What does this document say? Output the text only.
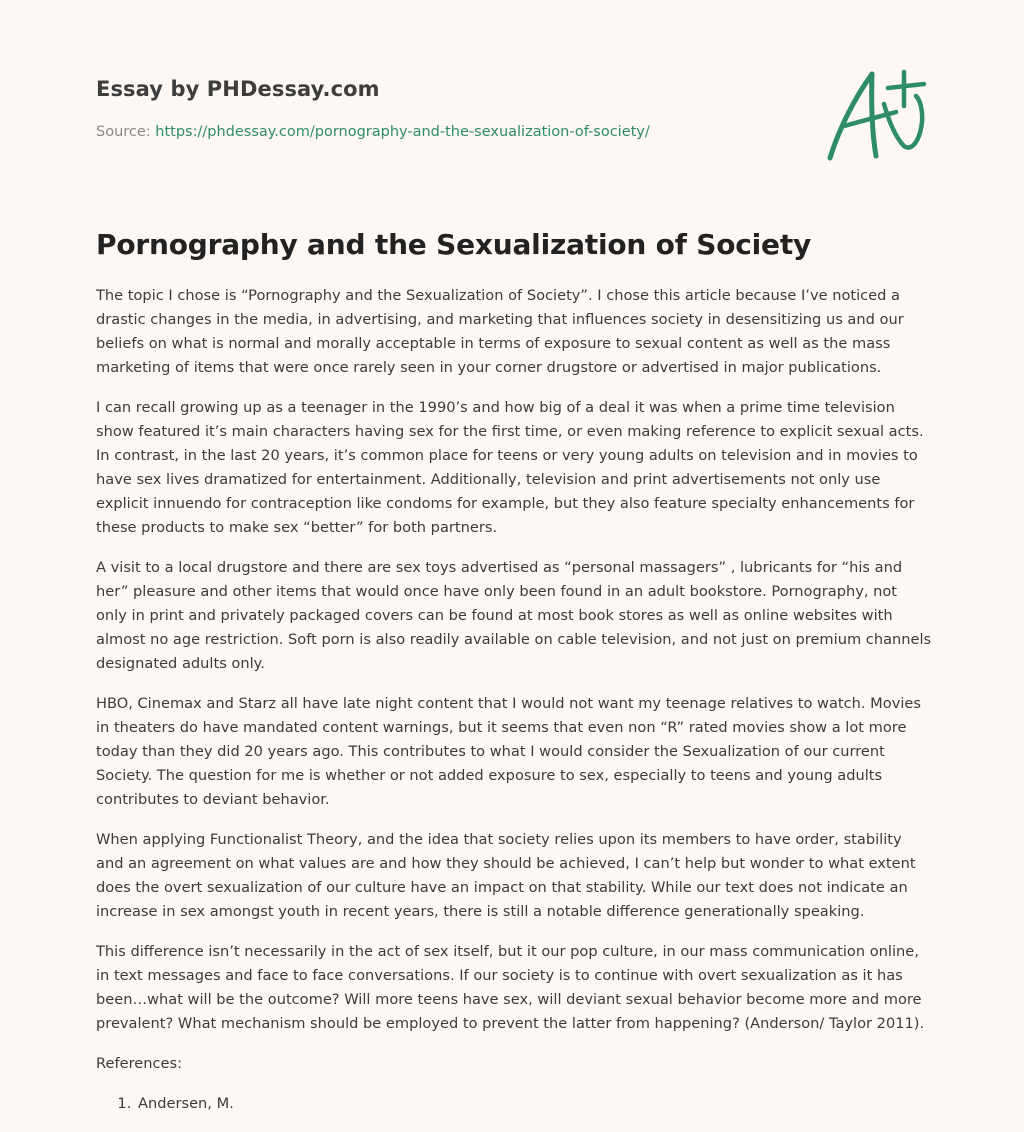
Essay by PHDessay.com
Source: https://phdessay.com/pornography-and-the-sexualization-of-society/
Pornography and the Sexualization of Society

The topic I chose is “Pornography and the Sexualization of Society”. I chose this article because I’ve noticed a drastic changes in the media, in advertising, and marketing that influences society in desensitizing us and our beliefs on what is normal and morally acceptable in terms of exposure to sexual content as well as the mass marketing of items that were once rarely seen in your corner drugstore or advertised in major publications.

I can recall growing up as a teenager in the 1990’s and how big of a deal it was when a prime time television show featured it’s main characters having sex for the first time, or even making reference to explicit sexual acts. In contrast, in the last 20 years, it’s common place for teens or very young adults on television and in movies to have sex lives dramatized for entertainment. Additionally, television and print advertisements not only use explicit innuendo for contraception like condoms for example, but they also feature specialty enhancements for these products to make sex “better” for both partners.

A visit to a local drugstore and there are sex toys advertised as “personal massagers” , lubricants for “his and her” pleasure and other items that would once have only been found in an adult bookstore. Pornography, not only in print and privately packaged covers can be found at most book stores as well as online websites with almost no age restriction. Soft porn is also readily available on cable television, and not just on premium channels designated adults only.

HBO, Cinemax and Starz all have late night content that I would not want my teenage relatives to watch. Movies in theaters do have mandated content warnings, but it seems that even non “R” rated movies show a lot more today than they did 20 years ago. This contributes to what I would consider the Sexualization of our current Society. The question for me is whether or not added exposure to sex, especially to teens and young adults contributes to deviant behavior.

When applying Functionalist Theory, and the idea that society relies upon its members to have order, stability and an agreement on what values are and how they should be achieved, I can’t help but wonder to what extent does the overt sexualization of our culture have an impact on that stability. While our text does not indicate an increase in sex amongst youth in recent years, there is still a notable difference generationally speaking.

This difference isn’t necessarily in the act of sex itself, but it our pop culture, in our mass communication online, in text messages and face to face conversations. If our society is to continue with overt sexualization as it has been…what will be the outcome? Will more teens have sex, will deviant sexual behavior become more and more prevalent? What mechanism should be employed to prevent the latter from happening? (Anderson/ Taylor 2011).

References:

1. Andersen, M.
